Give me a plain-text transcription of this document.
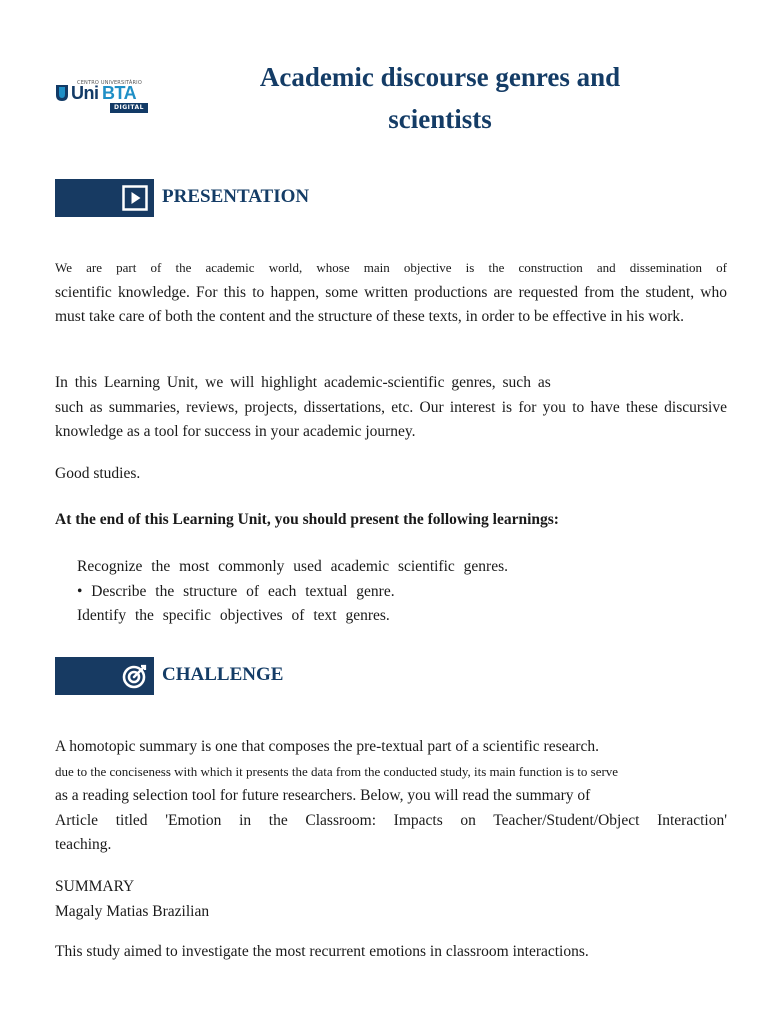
CENTRO UNIVERSITÁRIO
Uni BTA
DIGITAL
Academic discourse genres and
scientists
PRESENTATION
We are part of the academic world, whose main objective is the construction and dissemination of
scientific knowledge. For this to happen, some written productions are requested from the student, who must take care of both the content and the structure of these texts, in order to be effective in his work.
In this Learning Unit, we will highlight academic-scientific genres, such as
such as summaries, reviews, projects, dissertations, etc. Our interest is for you to have these discursive knowledge as a tool for success in your academic journey.

Good studies.

At the end of this Learning Unit, you should present the following learnings:

Recognize the most commonly used academic scientific genres.
• Describe the structure of each textual genre.
Identify the specific objectives of text genres.
CHALLENGE
A homotopic summary is one that composes the pre-textual part of a scientific research.
due to the conciseness with which it presents the data from the conducted study, its main function is to serve
as a reading selection tool for future researchers. Below, you will read the summary of
Article titled 'Emotion in the Classroom: Impacts on Teacher/Student/Object Interaction'
teaching.
SUMMARY
Magaly Matias Brazilian

This study aimed to investigate the most recurrent emotions in classroom interactions.
